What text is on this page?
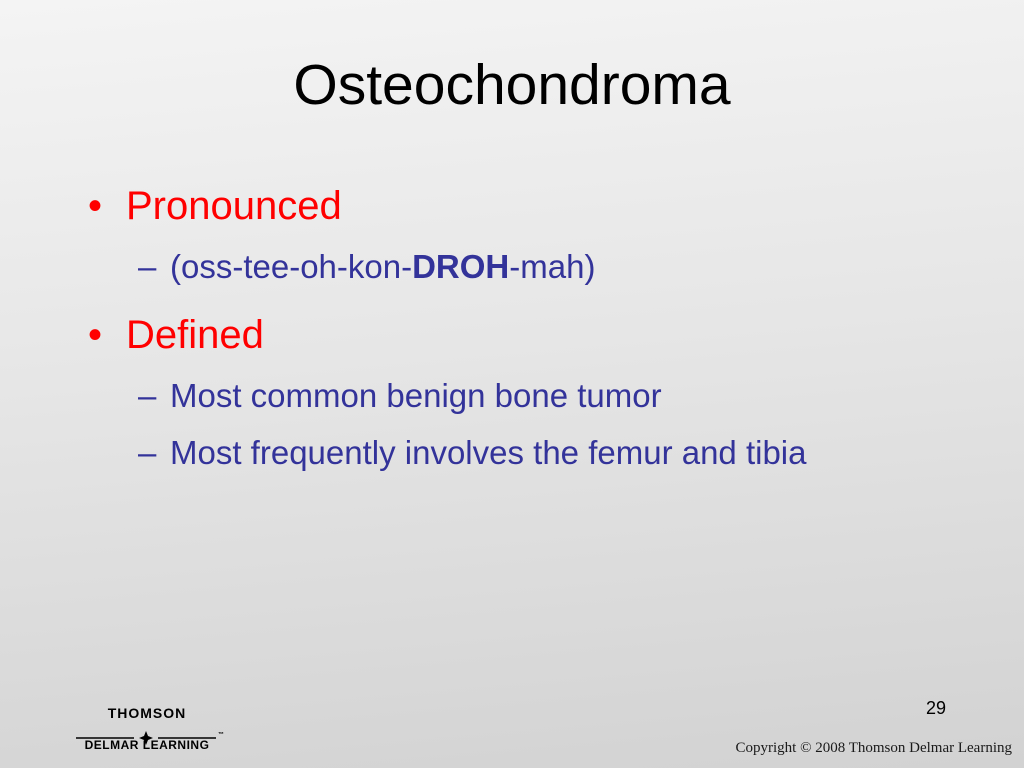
Osteochondroma
• Pronounced
– (oss-tee-oh-kon-DROH-mah)
• Defined
– Most common benign bone tumor
– Most frequently involves the femur and tibia
THOMSON
DELMAR LEARNING
™
29
Copyright © 2008 Thomson Delmar Learning
